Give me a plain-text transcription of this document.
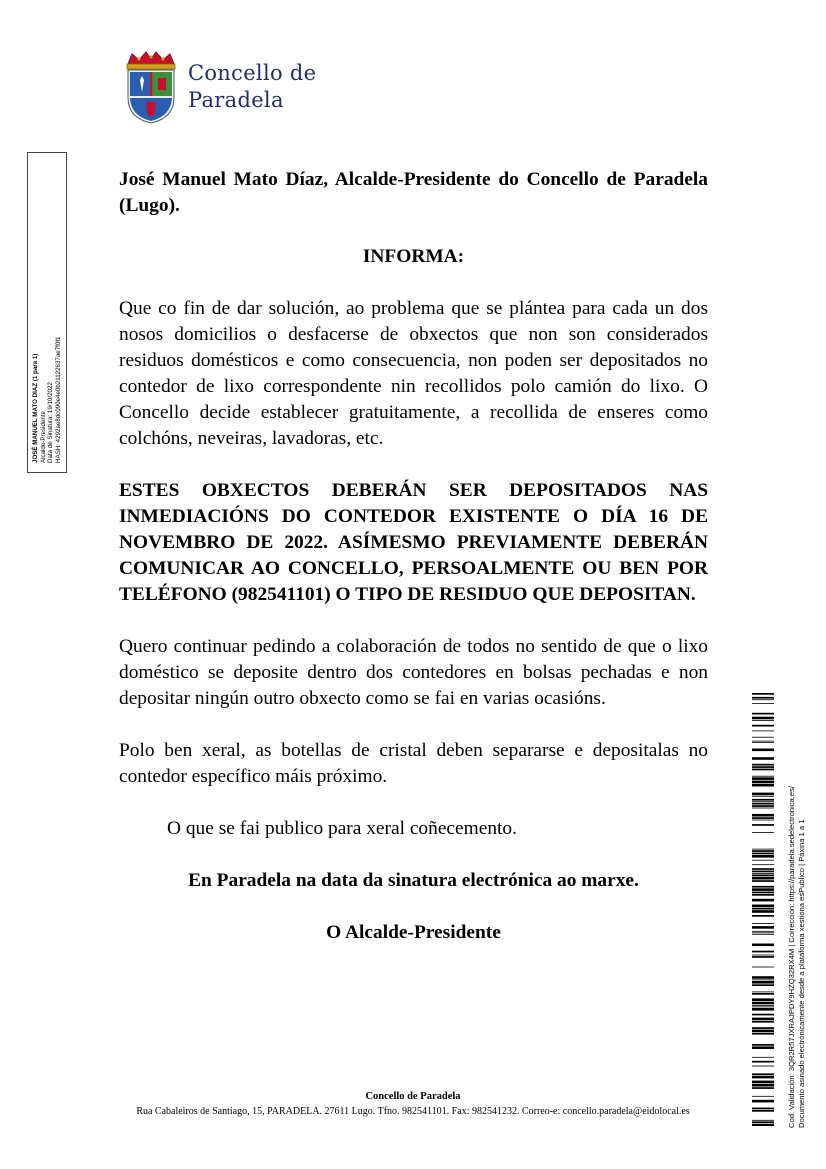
Concello de
Paradela
JOSÉ MANUEL MATO DIAZ (1 para 1) Alcalde-Presidente Data de Sinatura: 19/10/2022 HASH: 4292ae8dc090e4e0b21122637ae7f0f1

José Manuel Mato Díaz, Alcalde-Presidente do Concello de Paradela (Lugo).

INFORMA:

Que co fin de dar solución, ao problema que se plántea para cada un dos nosos domicilios o desfacerse de obxectos que non son considerados residuos domésticos e como consecuencia, non poden ser depositados no contedor de lixo correspondente nin recollidos polo camión do lixo. O Concello decide establecer gratuitamente, a recollida de enseres como colchóns, neveiras, lavadoras, etc.

ESTES OBXECTOS DEBERÁN SER DEPOSITADOS NAS INMEDIACIÓNS DO CONTEDOR EXISTENTE O DÍA 16 DE NOVEMBRO DE 2022. ASÍMESMO PREVIAMENTE DEBERÁN COMUNICAR AO CONCELLO, PERSOALMENTE OU BEN POR TELÉFONO (982541101) O TIPO DE RESIDUO QUE DEPOSITAN.

Quero continuar pedindo a colaboración de todos no sentido de que o lixo doméstico se deposite dentro dos contedores en bolsas pechadas e non depositar ningún outro obxecto como se fai en varias ocasións.

Polo ben xeral, as botellas de cristal deben separarse e depositalas no contedor específico máis próximo.

O que se fai publico para xeral coñecemento.

En Paradela na data da sinatura electrónica ao marxe.

O Alcalde-Presidente

Concello de Paradela
Rua Cabaleiros de Santiago, 15, PARADELA. 27611 Lugo. Tfno. 982541101. Fax: 982541232. Correo-e: concello.paradela@eidolocal.es	Cod. Validación: 3QR2R57JXRAJPDY9HZQ32RX4M | Corrección: https://paradela.sedelectronica.es/ Documento asinado electrónicamente desde a plataforma xestiona esPublico | Páxina 1 a 1
